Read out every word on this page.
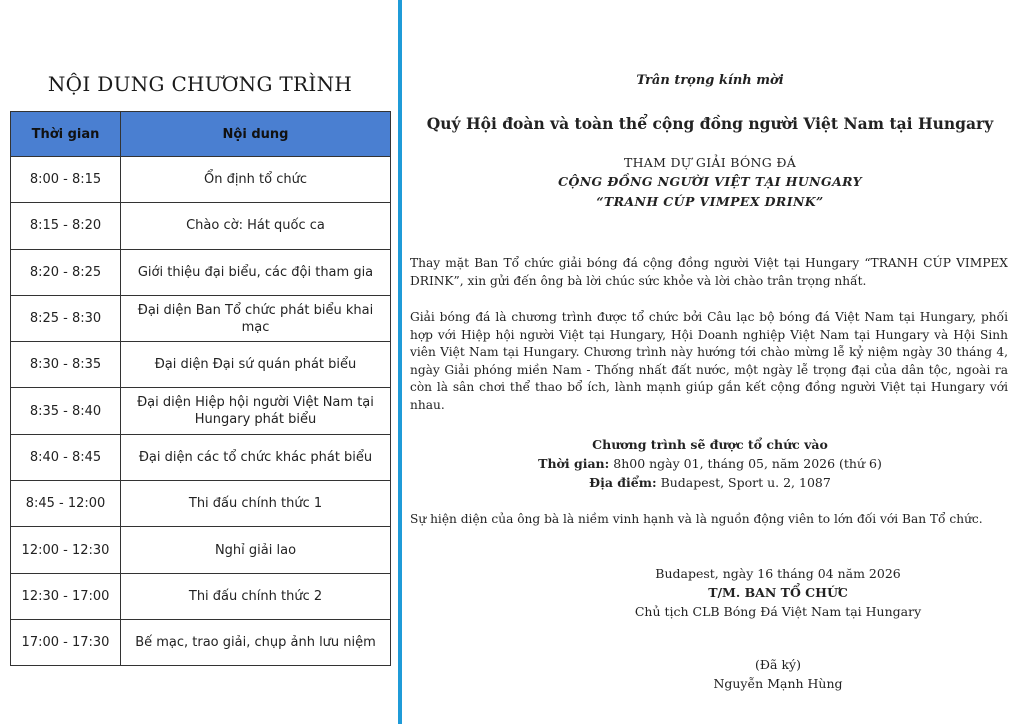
NỘI DUNG CHƯƠNG TRÌNH
Thời gian	Nội dung
8:00 - 8:15	Ổn định tổ chức
8:15 - 8:20	Chào cờ: Hát quốc ca
8:20 - 8:25	Giới thiệu đại biểu, các đội tham gia
8:25 - 8:30	Đại diện Ban Tổ chức phát biểu khai mạc
8:30 - 8:35	Đại diện Đại sứ quán phát biểu
8:35 - 8:40	Đại diện Hiệp hội người Việt Nam tại Hungary phát biểu
8:40 - 8:45	Đại diện các tổ chức khác phát biểu
8:45 - 12:00	Thi đấu chính thức 1
12:00 - 12:30	Nghỉ giải lao
12:30 - 17:00	Thi đấu chính thức 2
17:00 - 17:30	Bế mạc, trao giải, chụp ảnh lưu niệm
Trân trọng kính mời
Quý Hội đoàn và toàn thể cộng đồng người Việt Nam tại Hungary
THAM DỰ GIẢI BÓNG ĐÁ
CỘNG ĐỒNG NGƯỜI VIỆT TẠI HUNGARY
“TRANH CÚP VIMPEX DRINK”
Thay mặt Ban Tổ chức giải bóng đá cộng đồng người Việt tại Hungary “TRANH CÚP VIMPEX DRINK”, xin gửi đến ông bà lời chúc sức khỏe và lời chào trân trọng nhất.
Giải bóng đá là chương trình được tổ chức bởi Câu lạc bộ bóng đá Việt Nam tại Hungary, phối hợp với Hiệp hội người Việt tại Hungary, Hội Doanh nghiệp Việt Nam tại Hungary và Hội Sinh viên Việt Nam tại Hungary. Chương trình này hướng tới chào mừng lễ kỷ niệm ngày 30 tháng 4, ngày Giải phóng miền Nam - Thống nhất đất nước, một ngày lễ trọng đại của dân tộc, ngoài ra còn là sân chơi thể thao bổ ích, lành mạnh giúp gắn kết cộng đồng người Việt tại Hungary với nhau.
Chương trình sẽ được tổ chức vào
Thời gian: 8h00 ngày 01, tháng 05, năm 2026 (thứ 6)
Địa điểm: Budapest, Sport u. 2, 1087
Sự hiện diện của ông bà là niềm vinh hạnh và là nguồn động viên to lớn đối với Ban Tổ chức.
Budapest, ngày 16 tháng 04 năm 2026
T/M. BAN TỔ CHỨC
Chủ tịch CLB Bóng Đá Việt Nam tại Hungary
(Đã ký)
Nguyễn Mạnh Hùng
